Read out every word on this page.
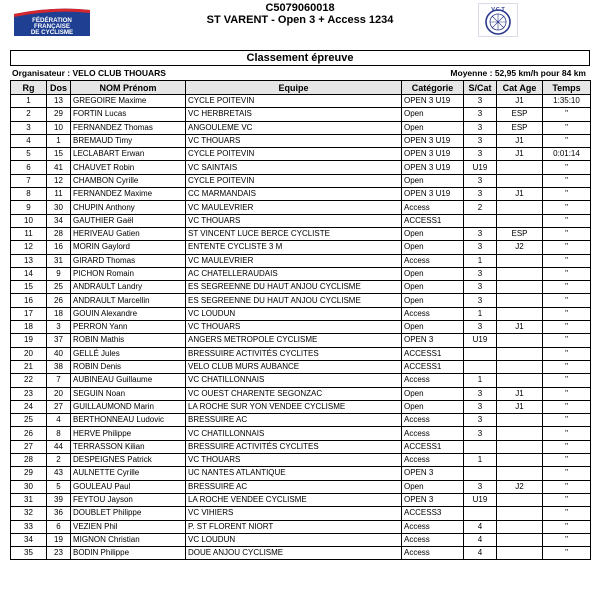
FÉDÉRATION
FRANÇAISE
DE CYCLISME
C5079060018
ST VARENT - Open 3 + Access 1234
V.C.T
Classement épreuve
Organisateur : VELO CLUB THOUARS	Moyenne : 52,95 km/h pour 84 km
Rg	Dos	NOM Prénom	Equipe	Catégorie	S/Cat	Cat Age	Temps
1	13	GREGOIRE Maxime	CYCLE POITEVIN	OPEN 3 U19	3	J1	1:35:10
2	29	FORTIN Lucas	VC HERBRETAIS	Open	3	ESP	"
3	10	FERNANDEZ Thomas	ANGOULEME VC	Open	3	ESP	"
4	1	BREMAUD Timy	VC THOUARS	OPEN 3 U19	3	J1	"
5	15	LECLABART Erwan	CYCLE POITEVIN	OPEN 3 U19	3	J1	0:01:14
6	41	CHAUVET Robin	VC SAINTAIS	OPEN 3 U19	U19		"
7	12	CHAMBON Cyrille	CYCLE POITEVIN	Open	3		"
8	11	FERNANDEZ Maxime	CC MARMANDAIS	OPEN 3 U19	3	J1	"
9	30	CHUPIN Anthony	VC MAULEVRIER	Access	2		"
10	34	GAUTHIER Gaël	VC THOUARS	ACCESS1			"
11	28	HERIVEAU Gatien	ST VINCENT LUCE BERCE CYCLISTE	Open	3	ESP	"
12	16	MORIN Gaylord	ENTENTE CYCLISTE 3 M	Open	3	J2	"
13	31	GIRARD Thomas	VC MAULEVRIER	Access	1		"
14	9	PICHON Romain	AC CHATELLERAUDAIS	Open	3		"
15	25	ANDRAULT Landry	ES SEGREENNE DU HAUT ANJOU CYCLISME	Open	3		"
16	26	ANDRAULT Marcellin	ES SEGREENNE DU HAUT ANJOU CYCLISME	Open	3		"
17	18	GOUIN Alexandre	VC LOUDUN	Access	1		"
18	3	PERRON Yann	VC THOUARS	Open	3	J1	"
19	37	ROBIN Mathis	ANGERS METROPOLE CYCLISME	OPEN 3	U19		"
20	40	GELLÉ Jules	BRESSUIRE ACTIVITÉS CYCLITES	ACCESS1			"
21	38	ROBIN Denis	VELO CLUB MURS AUBANCE	ACCESS1			"
22	7	AUBINEAU Guillaume	VC CHATILLONNAIS	Access	1		"
23	20	SEGUIN Noan	VC OUEST CHARENTE SEGONZAC	Open	3	J1	"
24	27	GUILLAUMOND Marin	LA ROCHE SUR YON VENDEE CYCLISME	Open	3	J1	"
25	4	BERTHONNEAU Ludovic	BRESSUIRE AC	Access	3		"
26	8	HERVE Philippe	VC CHATILLONNAIS	Access	3		"
27	44	TERRASSON Kilian	BRESSUIRE ACTIVITÉS CYCLITES	ACCESS1			"
28	2	DESPEIGNES Patrick	VC THOUARS	Access	1		"
29	43	AULNETTE Cyrille	UC NANTES ATLANTIQUE	OPEN 3			"
30	5	GOULEAU Paul	BRESSUIRE AC	Open	3	J2	"
31	39	FEYTOU Jayson	LA ROCHE VENDEE CYCLISME	OPEN 3	U19		"
32	36	DOUBLET Philippe	VC VIHIERS	ACCESS3			"
33	6	VEZIEN Phil	P. ST FLORENT NIORT	Access	4		"
34	19	MIGNON Christian	VC LOUDUN	Access	4		"
35	23	BODIN Philippe	DOUE ANJOU CYCLISME	Access	4		"
